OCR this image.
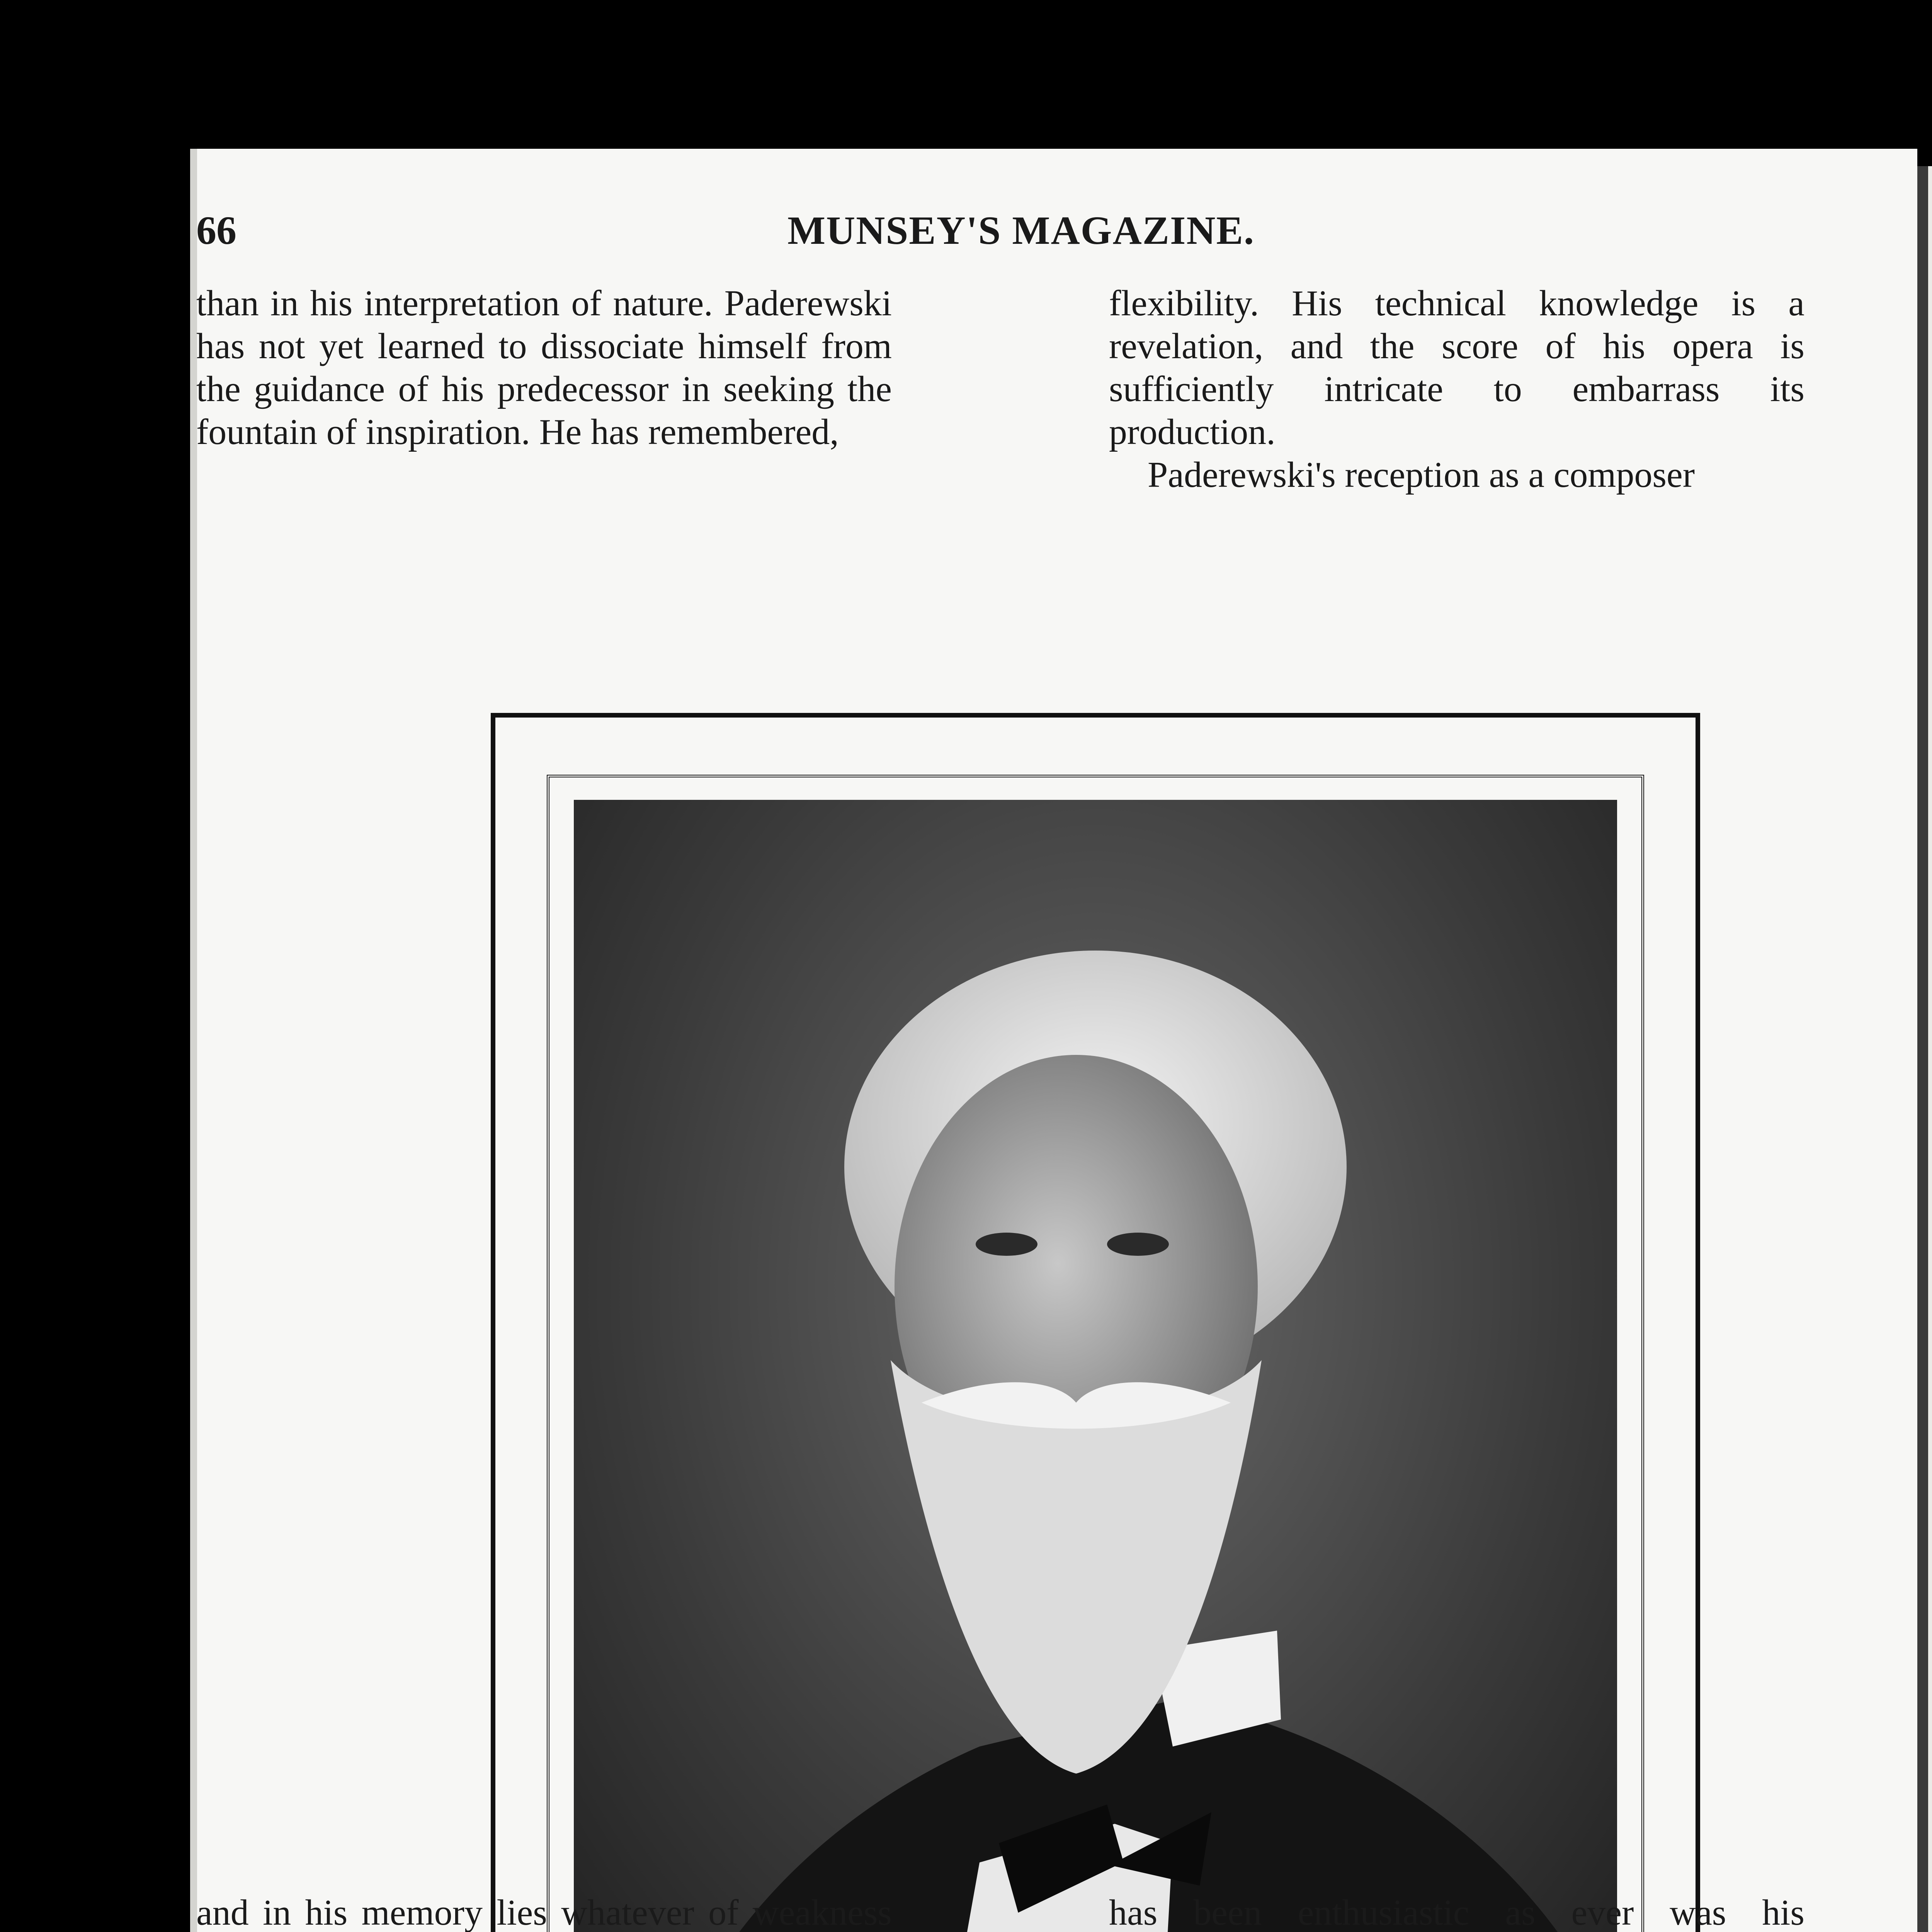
66	MUNSEY'S MAGAZINE.

than in his interpretation of nature. Paderewski has not yet learned to dissociate himself from the guidance of his predecessor in seeking the fountain of inspiration. He has remembered,

flexibility. His technical knowledge is a revelation, and the score of his opera is sufficiently intricate to embarrass its production.

Paderewski's reception as a composer

and in his memory lies whatever of weakness	has been enthusiastic as ever was his
